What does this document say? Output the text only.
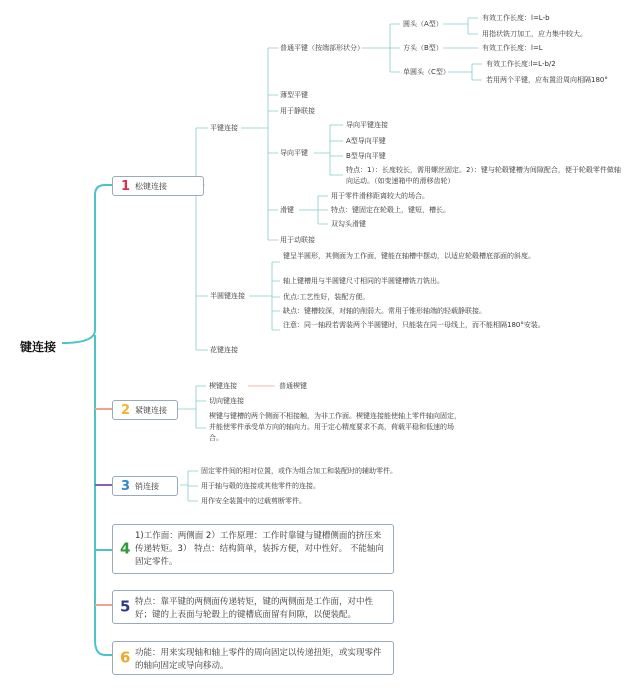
键连接
1 松键连接
平键连接
普通平键（按端部形状分）
圆头（A型）
有效工作长度：l=L-b
用指状铣刀加工，应力集中较大。
方头（B型）	有效工作长度：l=L
单圆头（C型）
有效工作长度:l=L-b/2
若用两个平键，应布置沿周向相隔180°
薄型平键
用于静联接
导向平键
导向平键连接
A型导向平键
B型导向平键
特点：1）：长度较长，需用螺丝固定。2）：键与轮毂键槽为间隙配合，便于轮毂零件做轴向运动。（如变速箱中的滑移齿轮）
滑键
用于零件滑移距离较大的场合。
特点：键固定在轮毂上，键短，槽长。
双勾头滑键
用于动联接
半圆键连接
键呈半圆形，其侧面为工作面，键能在轴槽中摆动，以适应轮毂槽底部面的斜度。
轴上键槽用与半圆键尺寸相同的半圆键槽铣刀铣出。
优点:工艺性好，装配方便。
缺点：键槽较深，对轴的削弱大。常用于锥形轴端的轻载静联接。
注意：同一轴段若需装两个半圆键时，只能装在同一母线上，而不能相隔180°安装。
花键连接
2 紧键连接
楔键连接	普通楔键
切向键连接
楔键与键槽的两个侧面不相接触，为非工作面。楔键连接能使轴上零件轴向固定，并能使零件承受单方向的轴向力。用于定心精度要求不高，荷载平稳和低速的场合。
3 销连接
固定零件间的相对位置，或作为组合加工和装配时的辅助零件。
用于轴与毂的连接或其他零件的连接。
用作安全装置中的过载剪断零件。
4
1)工作面：两侧面 2）工作原理：工作时靠键与键槽侧面的挤压来传递转矩。3） 特点：结构简单，装拆方便，对中性好。 不能轴向固定零件。
5 特点：靠平键的两侧面传递转矩，键的两侧面是工作面，对中性好；键的上表面与轮毂上的键槽底面留有间隙，以便装配。
6 功能：用来实现轴和轴上零件的周向固定以传递扭矩，或实现零件的轴向固定或导向移动。
